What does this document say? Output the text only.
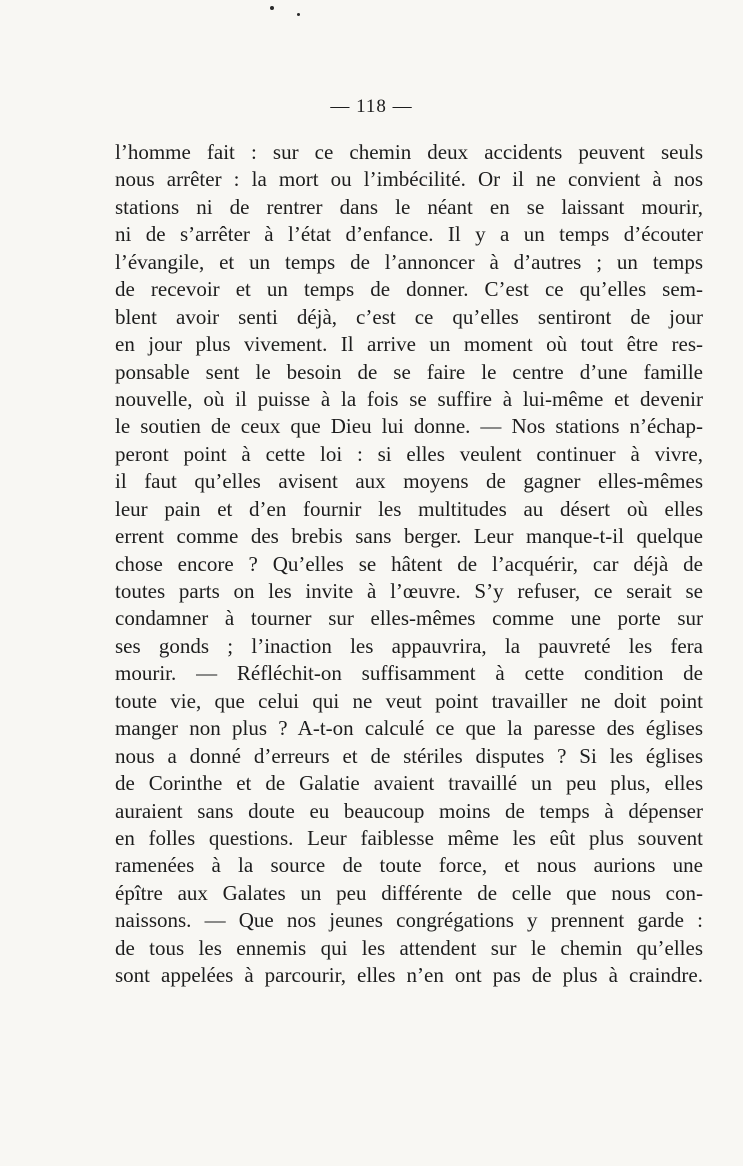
— 118 —
l’homme fait : sur ce chemin deux accidents peuvent seuls
nous arrêter : la mort ou l’imbécilité. Or il ne convient à nos
stations ni de rentrer dans le néant en se laissant mourir,
ni de s’arrêter à l’état d’enfance. Il y a un temps d’écouter
l’évangile, et un temps de l’annoncer à d’autres ; un temps
de recevoir et un temps de donner. C’est ce qu’elles sem-
blent avoir senti déjà, c’est ce qu’elles sentiront de jour
en jour plus vivement. Il arrive un moment où tout être res-
ponsable sent le besoin de se faire le centre d’une famille
nouvelle, où il puisse à la fois se suffire à lui-même et devenir
le soutien de ceux que Dieu lui donne. — Nos stations n’échap-
peront point à cette loi : si elles veulent continuer à vivre,
il faut qu’elles avisent aux moyens de gagner elles-mêmes
leur pain et d’en fournir les multitudes au désert où elles
errent comme des brebis sans berger. Leur manque-t-il quelque
chose encore ? Qu’elles se hâtent de l’acquérir, car déjà de
toutes parts on les invite à l’œuvre. S’y refuser, ce serait se
condamner à tourner sur elles-mêmes comme une porte sur
ses gonds ; l’inaction les appauvrira, la pauvreté les fera
mourir. — Réfléchit-on suffisamment à cette condition de
toute vie, que celui qui ne veut point travailler ne doit point
manger non plus ? A-t-on calculé ce que la paresse des églises
nous a donné d’erreurs et de stériles disputes ? Si les églises
de Corinthe et de Galatie avaient travaillé un peu plus, elles
auraient sans doute eu beaucoup moins de temps à dépenser
en folles questions. Leur faiblesse même les eût plus souvent
ramenées à la source de toute force, et nous aurions une
épître aux Galates un peu différente de celle que nous con-
naissons. — Que nos jeunes congrégations y prennent garde :
de tous les ennemis qui les attendent sur le chemin qu’elles
sont appelées à parcourir, elles n’en ont pas de plus à craindre.
